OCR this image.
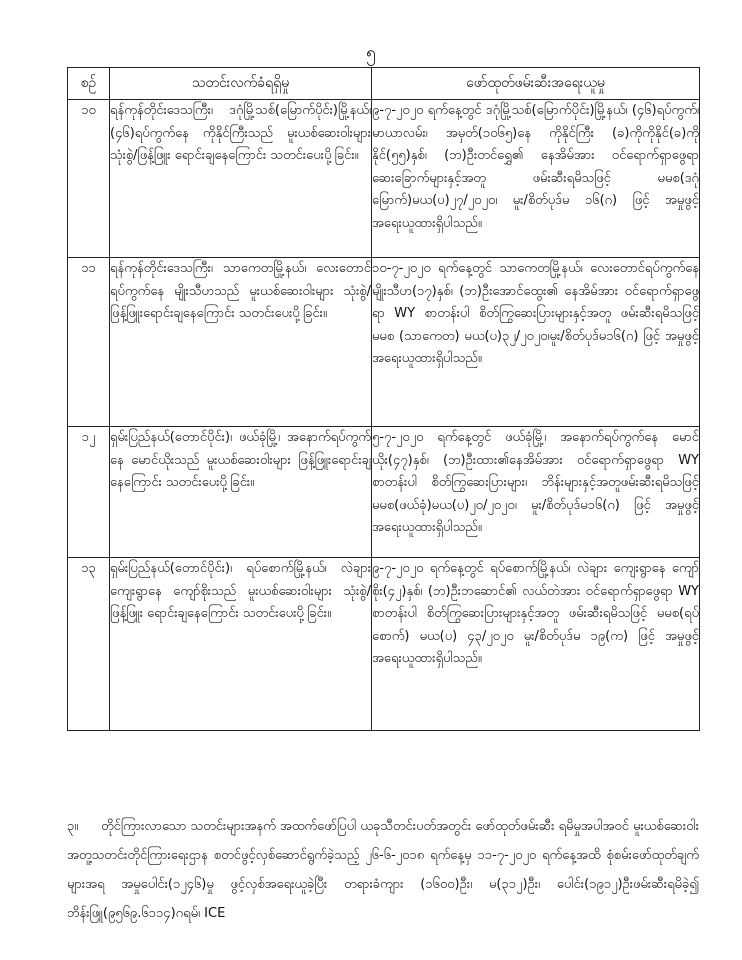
၅
စဉ်	သတင်းလက်ခံရရှိမှု	ဖော်ထုတ်ဖမ်းဆီးအရေးယူမှု
၁၀	ရန်ကုန်တိုင်းဒေသကြီး၊ ဒဂုံမြို့သစ်(မြောက်ပိုင်း)မြို့နယ်၊ (၄၆)ရပ်ကွက်နေ ကိုနိုင်ကြီးသည် မူးယစ်ဆေးဝါးများ သုံးစွဲ/ဖြန့်ဖြူး ရောင်းချနေကြောင်း သတင်းပေးပို့ခြင်း။	၉-၇-၂၀၂၀ ရက်နေ့တွင် ဒဂုံမြို့သစ်(မြောက်ပိုင်း)မြို့နယ်၊ (၄၆)ရပ်ကွက်၊ မာယာလမ်း၊ အမှတ်(၁၀၆၅)နေ ကိုနိုင်ကြီး (ခ)ကိုကိုနိုင်(ခ)ကိုနိုင်(၅၅)နှစ်၊ (ဘ)ဦးတင်ရွှေ၏ နေအိမ်အား ဝင်ရောက်ရှာဖွေရာ ဆေးခြောက်များနှင့်အတူ ဖမ်းဆီးရမိသဖြင့် မမစ(ဒဂုံမြောက်)မယ(ပ)၂၇/၂၀၂၀၊ မူး/စိတ်ပုဒ်မ ၁၆(ဂ) ဖြင့် အမှုဖွင့် အရေးယူထားရှိပါသည်။
၁၁	ရန်ကုန်တိုင်းဒေသကြီး၊ သာကေတမြို့နယ်၊ လေးတောင်ရပ်ကွက်နေ မျိုးသီဟသည် မူးယစ်ဆေးဝါးများ သုံးစွဲ/ဖြန့်ဖြူးရောင်းချနေကြောင်း သတင်းပေးပို့ခြင်း။	၁၀-၇-၂၀၂၀ ရက်နေ့တွင် သာကေတမြို့နယ်၊ လေးတောင်ရပ်ကွက်နေ မျိုးသီဟ(၁၇)နှစ်၊ (ဘ)ဦးအောင်ထွေး၏ နေအိမ်အား ဝင်ရောက်ရှာဖွေရာ WY စာတန်းပါ စိတ်ကြွဆေးပြားများနှင့်အတူ ဖမ်းဆီးရမိသဖြင့် မမစ (သာကေတ) မယ(ပ)၃၂/၂၀၂၀၊မူး/စိတ်ပုဒ်မ၁၆(ဂ) ဖြင့် အမှုဖွင့် အရေးယူထားရှိပါသည်။
၁၂	ရှမ်းပြည်နယ်(တောင်ပိုင်း)၊ ဖယ်ခုံမြို့၊ အနောက်ရပ်ကွက်နေ မောင်ယိုးသည် မူးယစ်ဆေးဝါးများ ဖြန့်ဖြူးရောင်းချနေကြောင်း သတင်းပေးပို့ခြင်း။	၅-၇-၂၀၂၀ ရက်နေ့တွင် ဖယ်ခုံမြို့၊ အနောက်ရပ်ကွက်နေ မောင်ယိုး(၄၇)နှစ်၊ (ဘ)ဦးထား၏နေအိမ်အား ဝင်ရောက်ရှာဖွေရာ WY စာတန်းပါ စိတ်ကြွဆေးပြားများ၊ ဘိန်းများနှင့်အတူဖမ်းဆီးရမိသဖြင့် မမစ(ဖယ်ခုံ)မယ(ပ)၂၀/၂၀၂၀၊ မူး/စိတ်ပုဒ်မ၁၆(ဂ) ဖြင့် အမှုဖွင့် အရေးယူထားရှိပါသည်။
၁၃	ရှမ်းပြည်နယ်(တောင်ပိုင်း)၊ ရပ်စောက်မြို့နယ်၊ လဲချားကျေးရွာနေ ကျော်စိုးသည် မူးယစ်ဆေးဝါးများ သုံးစွဲ/ဖြန့်ဖြူး ရောင်းချနေကြောင်း သတင်းပေးပို့ခြင်း။	၉-၇-၂၀၂၀ ရက်နေ့တွင် ရပ်စောက်မြို့နယ်၊ လဲချား ကျေးရွာနေ ကျော်စိုး(၄၂)နှစ်၊ (ဘ)ဦးဘဆောင်၏ လယ်တဲအား ဝင်ရောက်ရှာဖွေရာ WY စာတန်းပါ စိတ်ကြွဆေးပြားများနှင့်အတူ ဖမ်းဆီးရမိသဖြင့် မမစ(ရပ်စောက်) မယ(ပ) ၄၃/၂၀၂၀ မူး/စိတ်ပုဒ်မ ၁၉(က) ဖြင့် အမှုဖွင့် အရေးယူထားရှိပါသည်။
၃။ တိုင်ကြားလာသော သတင်းများအနက် အထက်ဖော်ပြပါ ယခုသီတင်းပတ်အတွင်း ဖော်ထုတ်ဖမ်းဆီး ရမိမှုအပါအဝင် မူးယစ်ဆေးဝါးအတူ့သတင်းတိုင်ကြားရေးဌာန စတင်ဖွင့်လှစ်ဆောင်ရွက်ခဲ့သည့် ၂၆-၆-၂၀၁၈ ရက်နေ့မှ ၁၁-၇-၂၀၂၀ ရက်နေ့အထိ စုံစမ်းဖော်ထုတ်ချက်များအရ အမှုပေါင်း(၁၂၄၆)မှု ဖွင့်လှစ်အရေးယူခဲ့ပြီး တရားခံကျား (၁၆၀၀)ဦး၊ မ(၃၁၂)ဦး၊ ပေါင်း(၁၉၁၂)ဦးဖမ်းဆီးရမိခဲ့၍ ဘိန်းဖြူ(၉၅၆၉.၆၁၁၄)ဂရမ်၊ ICE
